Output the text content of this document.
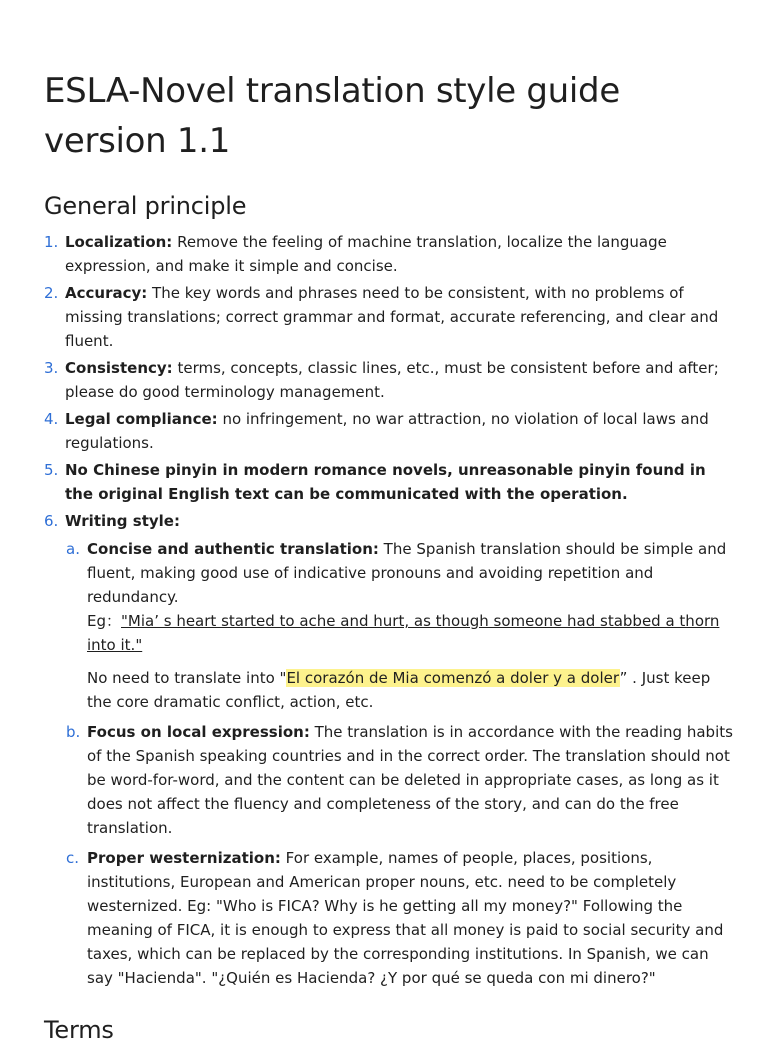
ESLA-Novel translation style guide version 1.1
General principle
1. Localization: Remove the feeling of machine translation, localize the language expression, and make it simple and concise.
2. Accuracy: The key words and phrases need to be consistent, with no problems of missing translations; correct grammar and format, accurate referencing, and clear and fluent.
3. Consistency: terms, concepts, classic lines, etc., must be consistent before and after; please do good terminology management.
4. Legal compliance: no infringement, no war attraction, no violation of local laws and regulations.
5. No Chinese pinyin in modern romance novels, unreasonable pinyin found in the original English text can be communicated with the operation.
6. Writing style:
a. Concise and authentic translation: The Spanish translation should be simple and fluent, making good use of indicative pronouns and avoiding repetition and redundancy.
Eg："Mia’ s heart started to ache and hurt, as though someone had stabbed a thorn into it."
No need to translate into "El corazón de Mia comenzó a doler y a doler” . Just keep the core dramatic conflict, action, etc.
b. Focus on local expression: The translation is in accordance with the reading habits of the Spanish speaking countries and in the correct order. The translation should not be word-for-word, and the content can be deleted in appropriate cases, as long as it does not affect the fluency and completeness of the story, and can do the free translation.
c. Proper westernization: For example, names of people, places, positions, institutions, European and American proper nouns, etc. need to be completely westernized. Eg: "Who is FICA? Why is he getting all my money?" Following the meaning of FICA, it is enough to express that all money is paid to social security and taxes, which can be replaced by the corresponding institutions. In Spanish, we can say "Hacienda". "¿Quién es Hacienda? ¿Y por qué se queda con mi dinero?"
Terms
